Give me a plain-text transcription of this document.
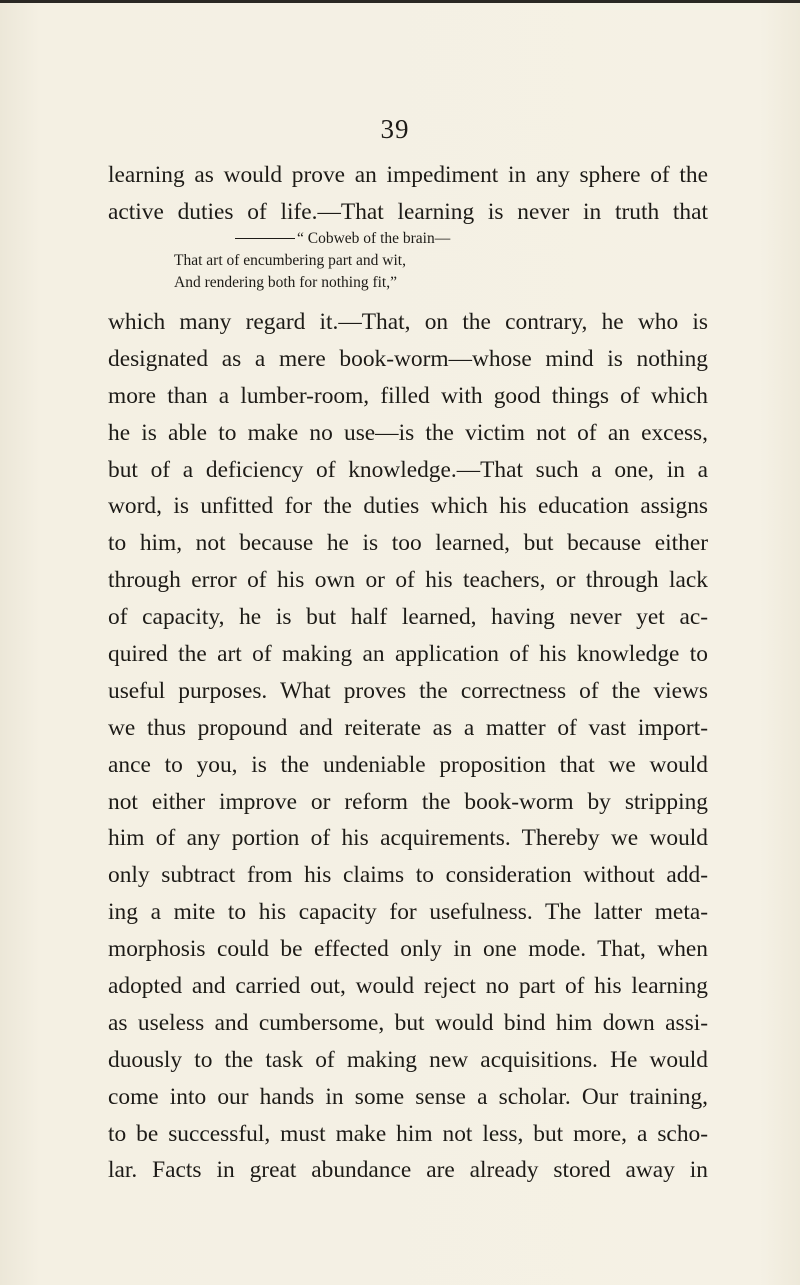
39
learning as would prove an impediment in any sphere of the
active duties of life.—That learning is never in truth that
“ Cobweb of the brain—
That art of encumbering part and wit,
And rendering both for nothing fit,”
which many regard it.—That, on the contrary, he who is
designated as a mere book-worm—whose mind is nothing
more than a lumber-room, filled with good things of which
he is able to make no use—is the victim not of an excess,
but of a deficiency of knowledge.—That such a one, in a
word, is unfitted for the duties which his education assigns
to him, not because he is too learned, but because either
through error of his own or of his teachers, or through lack
of capacity, he is but half learned, having never yet ac-
quired the art of making an application of his knowledge to
useful purposes. What proves the correctness of the views
we thus propound and reiterate as a matter of vast import-
ance to you, is the undeniable proposition that we would
not either improve or reform the book-worm by stripping
him of any portion of his acquirements. Thereby we would
only subtract from his claims to consideration without add-
ing a mite to his capacity for usefulness. The latter meta-
morphosis could be effected only in one mode. That, when
adopted and carried out, would reject no part of his learning
as useless and cumbersome, but would bind him down assi-
duously to the task of making new acquisitions. He would
come into our hands in some sense a scholar. Our training,
to be successful, must make him not less, but more, a scho-
lar. Facts in great abundance are already stored away in
